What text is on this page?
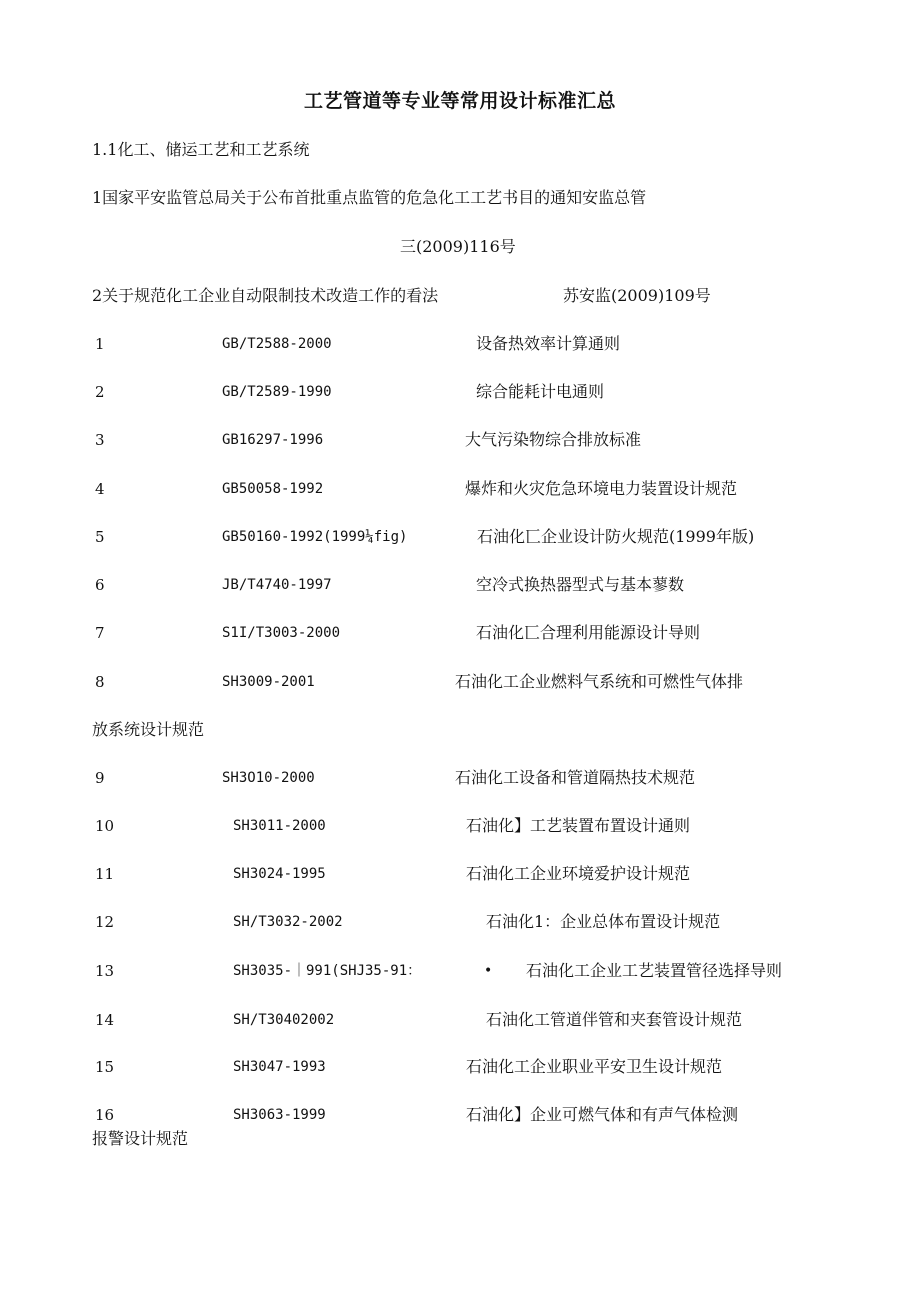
工艺管道等专业等常用设计标准汇总
1.1化工、储运工艺和工艺系统
1国家平安监管总局关于公布首批重点监管的危急化工工艺书目的通知安监总管
三(2009)116号
2关于规范化工企业自动限制技术改造工作的看法	苏安监(2009)109号
1	GB/T2588-2000	设备热效率计算通则
2	GB/T2589-1990	综合能耗计电通则
3	GB16297-1996	大气污染物综合排放标准
4	GB50058-1992	爆炸和火灾危急环境电力装置设计规范
5	GB50160-1992(1999¼fig)	石油化匸企业设计防火规范(1999年版)
6	JB/T4740-1997	空冷式换热器型式与基本蓼数
7	S1I/T3003-2000	石油化匸合理利用能源设计导则
8	SH3009-2001	石油化工企业燃料气系统和可燃性气体排
放系统设计规范
9	SH3O10-2000	石油化工设备和管道隔热技术规范
10	SH3011-2000	石油化】工艺装置布置设计通则
11	SH3024-1995	石油化工企业环境爱护设计规范
12	SH/T3032-2002	石油化1：企业总体布置设计规范
13	SH3035-｜991(SHJ35-91：	• 石油化工企业工艺装置管径选择导则
14	SH/T30402002	石油化工管道伴管和夹套管设计规范
15	SH3047-1993	石油化工企业职业平安卫生设计规范
16	SH3063-1999	石油化】企业可燃气体和有声气体检测
报警设计规范
